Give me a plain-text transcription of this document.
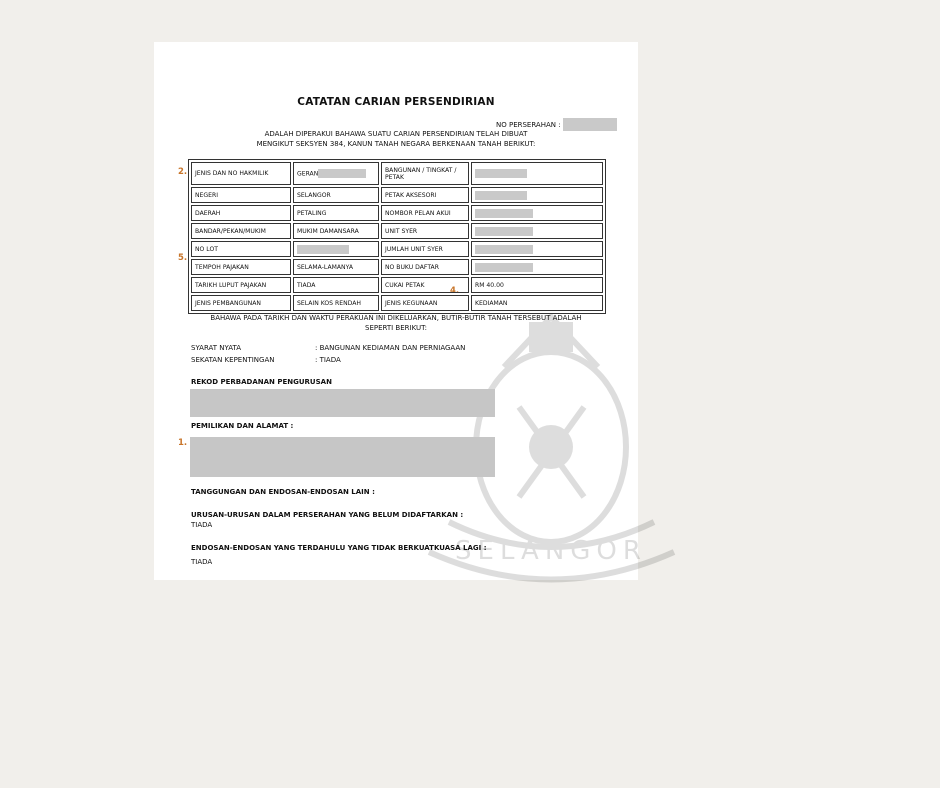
SELANGOR
CATATAN CARIAN PERSENDIRIAN
NO PERSERAHAN :
ADALAH DIPERAKUI BAHAWA SUATU CARIAN PERSENDIRIAN TELAH DIBUAT
MENGIKUT SEKSYEN 384, KANUN TANAH NEGARA BERKENAAN TANAH BERIKUT:
2.
5.
4.
JENIS DAN NO HAKMILIK	GERAN	BANGUNAN / TINGKAT / PETAK	
NEGERI	SELANGOR	PETAK AKSESORI	
DAERAH	PETALING	NOMBOR PELAN AKUI	
BANDAR/PEKAN/MUKIM	MUKIM DAMANSARA	UNIT SYER	
NO LOT		JUMLAH UNIT SYER	
TEMPOH PAJAKAN	SELAMA-LAMANYA	NO BUKU DAFTAR	
TARIKH LUPUT PAJAKAN	TIADA	CUKAI PETAK	RM 40.00
JENIS PEMBANGUNAN	SELAIN KOS RENDAH	JENIS KEGUNAAN	KEDIAMAN
BAHAWA PADA TARIKH DAN WAKTU PERAKUAN INI DIKELUARKAN, BUTIR-BUTIR TANAH TERSEBUT ADALAH
SEPERTI BERIKUT:
SYARAT NYATA	: BANGUNAN KEDIAMAN DAN PERNIAGAAN
SEKATAN KEPENTINGAN	: TIADA
REKOD PERBADANAN PENGURUSAN
PEMILIKAN DAN ALAMAT :
1.
TANGGUNGAN DAN ENDOSAN-ENDOSAN LAIN :
URUSAN-URUSAN DALAM PERSERAHAN YANG BELUM DIDAFTARKAN :
TIADA
ENDOSAN-ENDOSAN YANG TERDAHULU YANG TIDAK BERKUATKUASA LAGI :
TIADA
